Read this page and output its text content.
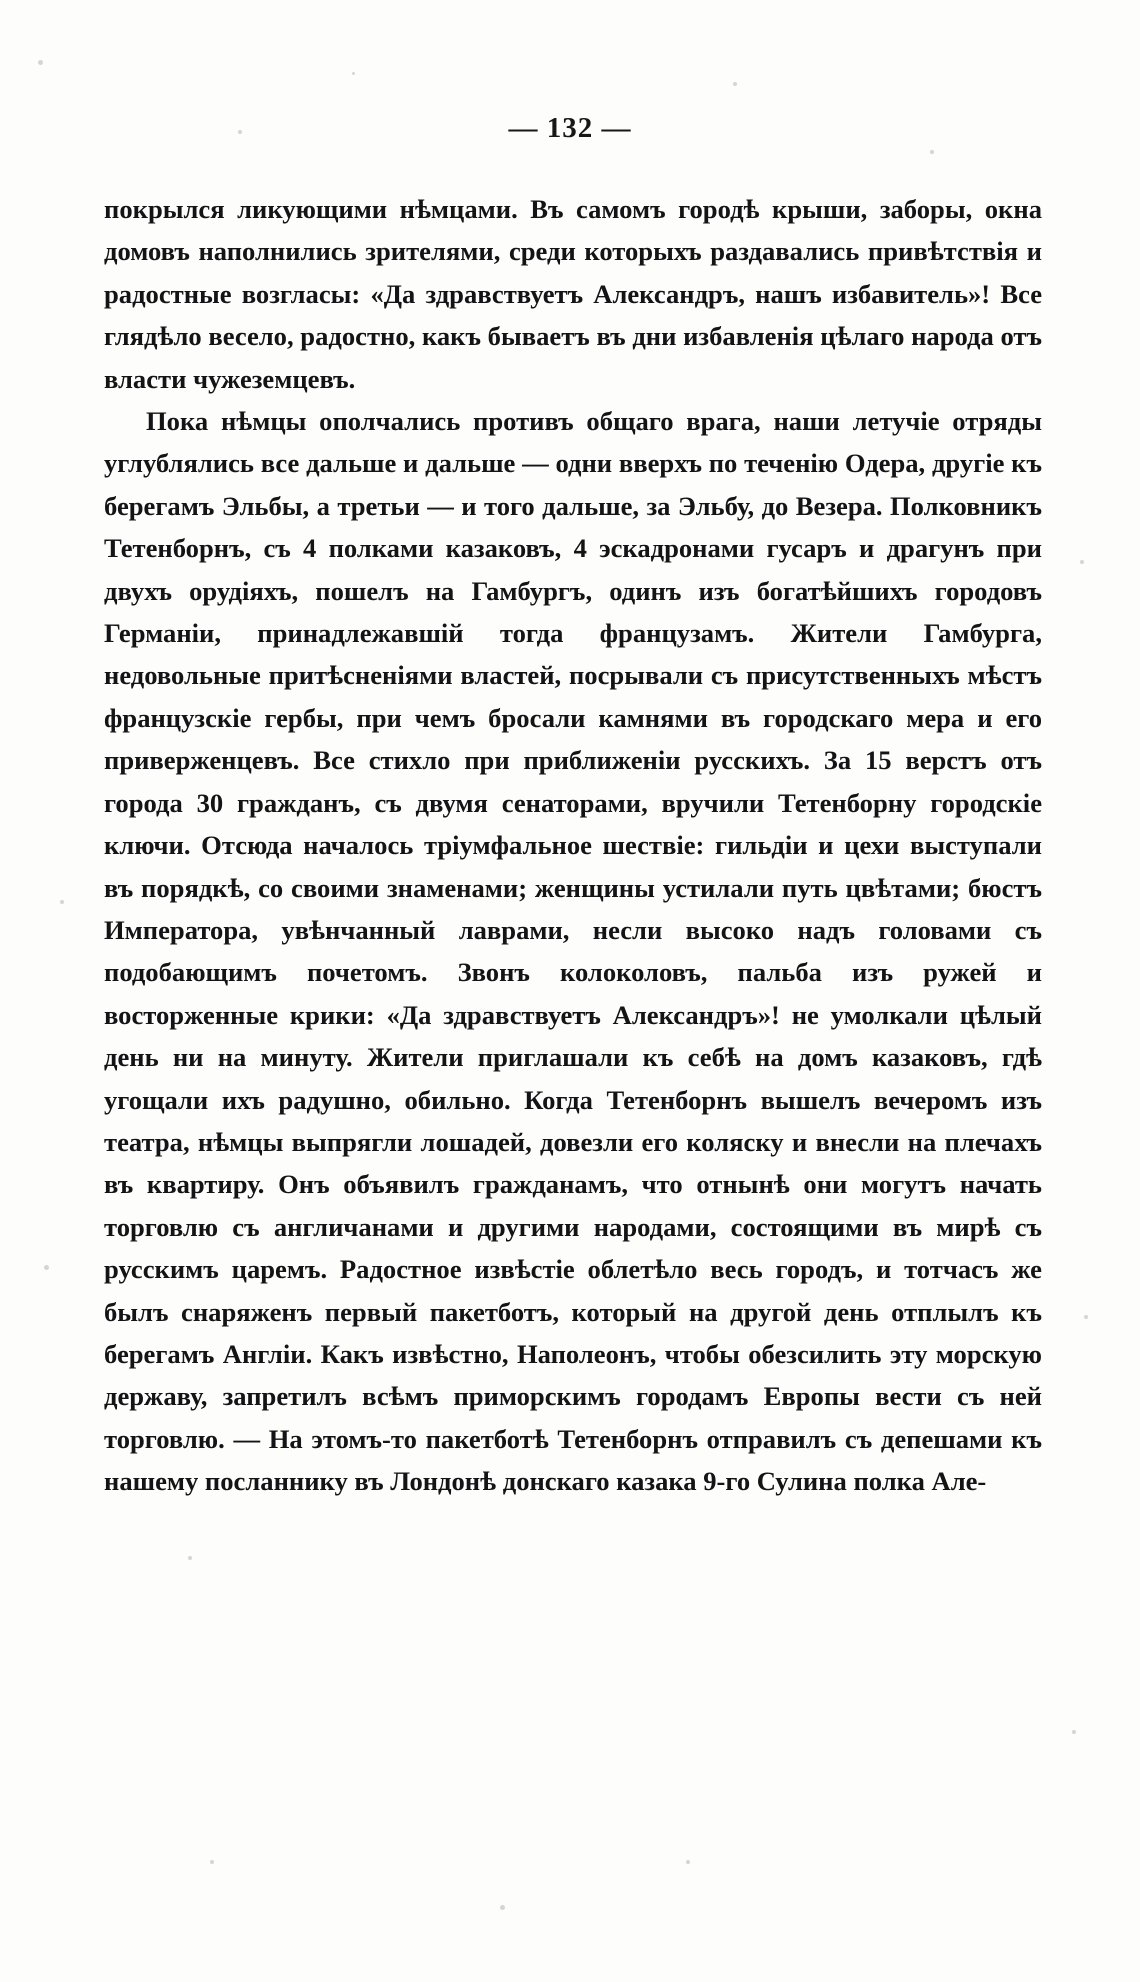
— 132 —

покрылся ликующими нѣмцами. Въ самомъ городѣ крыши, заборы, окна домовъ наполнились зрителями, среди которыхъ раздавались привѣтствія и радостные возгласы: «Да здравствуетъ Александръ, нашъ избавитель»! Все глядѣло весело, радостно, какъ бываетъ въ дни избавленія цѣлаго народа отъ власти чужеземцевъ.

Пока нѣмцы ополчались противъ общаго врага, наши летучіе отряды углублялись все дальше и дальше — одни вверхъ по теченію Одера, другіе къ берегамъ Эльбы, а третьи — и того дальше, за Эльбу, до Везера. Полковникъ Тетенборнъ, съ 4 полками казаковъ, 4 эскадронами гусаръ и драгунъ при двухъ орудіяхъ, пошелъ на Гамбургъ, одинъ изъ богатѣйшихъ городовъ Германіи, принадлежавшій тогда французамъ. Жители Гамбурга, недовольные притѣсненіями властей, посрывали съ присутственныхъ мѣстъ французскіе гербы, при чемъ бросали камнями въ городскаго мера и его приверженцевъ. Все стихло при приближеніи русскихъ. За 15 верстъ отъ города 30 гражданъ, съ двумя сенаторами, вручили Тетенборну городскіе ключи. Отсюда началось тріумфальное шествіе: гильдіи и цехи выступали въ порядкѣ, со своими знаменами; женщины устилали путь цвѣтами; бюстъ Императора, увѣнчанный лаврами, несли высоко надъ головами съ подобающимъ почетомъ. Звонъ колоколовъ, пальба изъ ружей и восторженные крики: «Да здравствуетъ Александръ»! не умолкали цѣлый день ни на минуту. Жители приглашали къ себѣ на домъ казаковъ, гдѣ угощали ихъ радушно, обильно. Когда Тетенборнъ вышелъ вечеромъ изъ театра, нѣмцы выпрягли лошадей, довезли его коляску и внесли на плечахъ въ квартиру. Онъ объявилъ гражданамъ, что отнынѣ они могутъ начать торговлю съ англичанами и другими народами, состоящими въ мирѣ съ русскимъ царемъ. Радостное извѣстіе облетѣло весь городъ, и тотчасъ же былъ снаряженъ первый пакетботъ, который на другой день отплылъ къ берегамъ Англіи. Какъ извѣстно, Наполеонъ, чтобы обезсилить эту морскую державу, запретилъ всѣмъ приморскимъ городамъ Европы вести съ ней торговлю. — На этомъ-то пакетботѣ Тетенборнъ отправилъ съ депешами къ нашему посланнику въ Лондонѣ донскаго казака 9-го Сулина полка Але-
